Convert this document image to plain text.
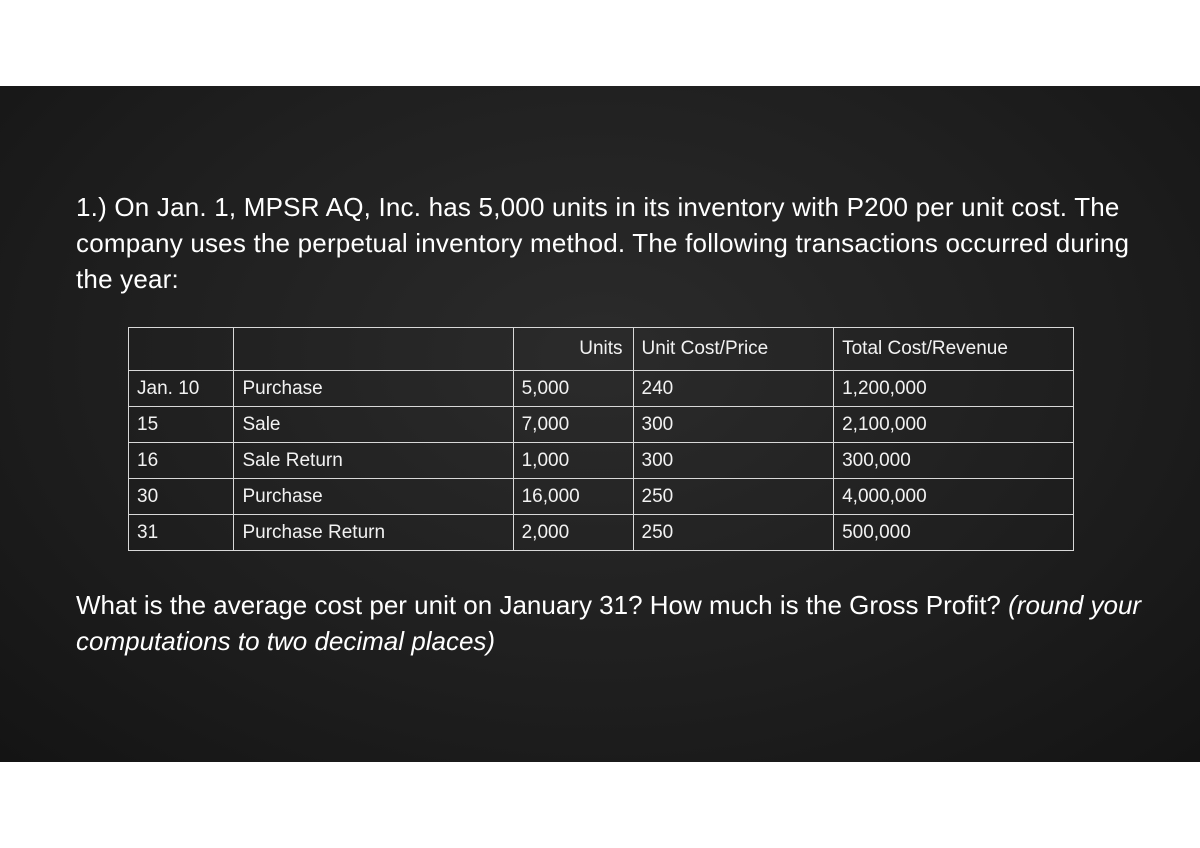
1.) On Jan. 1, MPSR AQ, Inc. has 5,000 units in its inventory with P200 per unit cost. The company uses the perpetual inventory method. The following transactions occurred during the year:

		Units	Unit Cost/Price	Total Cost/Revenue
Jan. 10	Purchase	5,000	240	1,200,000
15	Sale	7,000	300	2,100,000
16	Sale Return	1,000	300	300,000
30	Purchase	16,000	250	4,000,000
31	Purchase Return	2,000	250	500,000

What is the average cost per unit on January 31? How much is the Gross Profit? (round your computations to two decimal places)
